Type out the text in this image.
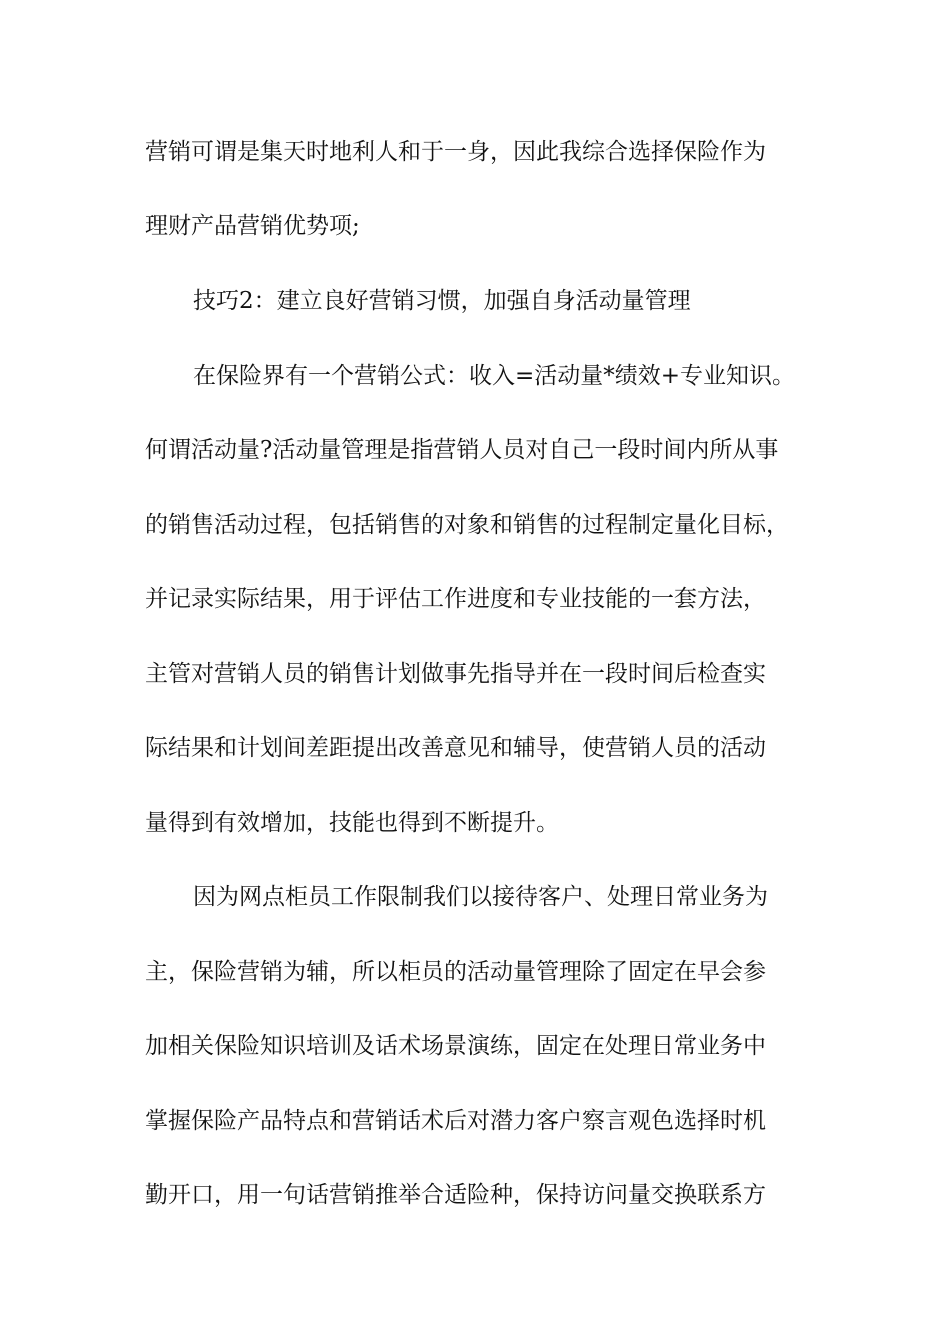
营销可谓是集天时地利人和于一身，因此我综合选择保险作为
理财产品营销优势项;
技巧2：建立良好营销习惯，加强自身活动量管理
在保险界有一个营销公式：收入=活动量*绩效+专业知识。
何谓活动量?活动量管理是指营销人员对自己一段时间内所从事
的销售活动过程，包括销售的对象和销售的过程制定量化目标，
并记录实际结果，用于评估工作进度和专业技能的一套方法，
主管对营销人员的销售计划做事先指导并在一段时间后检查实
际结果和计划间差距提出改善意见和辅导，使营销人员的活动
量得到有效增加，技能也得到不断提升。
因为网点柜员工作限制我们以接待客户、处理日常业务为
主，保险营销为辅，所以柜员的活动量管理除了固定在早会参
加相关保险知识培训及话术场景演练，固定在处理日常业务中
掌握保险产品特点和营销话术后对潜力客户察言观色选择时机
勤开口，用一句话营销推举合适险种，保持访问量交换联系方
